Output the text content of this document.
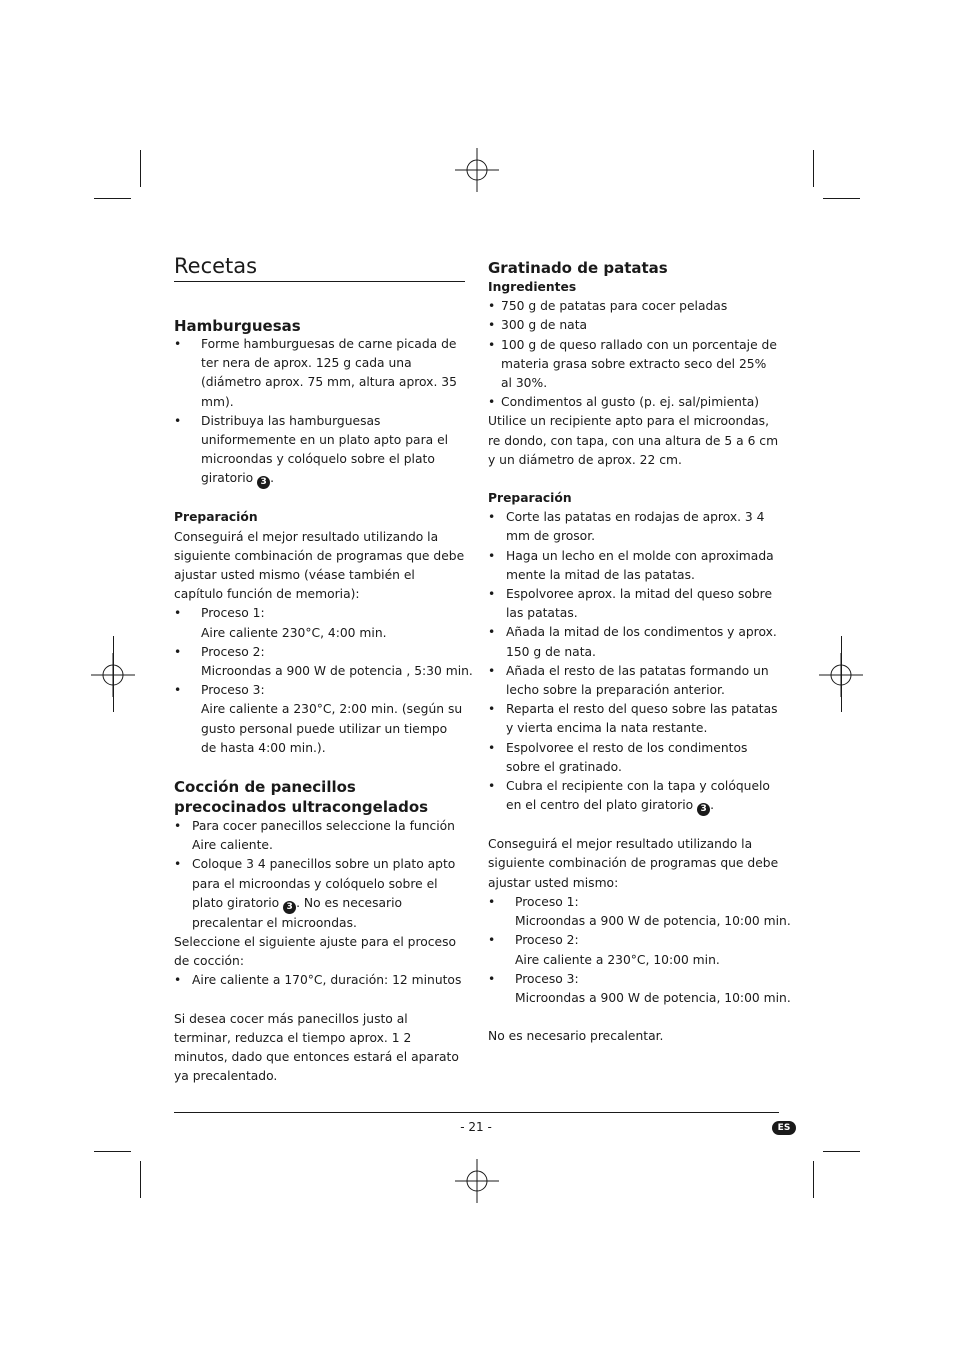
Recetas
Hamburguesas
• Forme hamburguesas de carne picada de ter nera de aprox. 125 g cada una (diámetro aprox. 75 mm, altura aprox. 35 mm).
• Distribuya las hamburguesas uniformemente en un plato apto para el microondas y colóquelo sobre el plato giratorio 3 .
Preparación

Conseguirá el mejor resultado utilizando la siguiente combinación de programas que debe ajustar usted mismo (véase también el capítulo función de memoria):

• Proceso 1:
Aire caliente 230°C, 4:00 min.
• Proceso 2:
Microondas a 900 W de potencia , 5:30 min.
• Proceso 3:
Aire caliente a 230°C, 2:00 min. (según su gusto personal puede utilizar un tiempo de hasta 4:00 min.).
Cocción de panecillos precocinados ultracongelados
• Para cocer panecillos seleccione la función Aire caliente.
• Coloque 3 4 panecillos sobre un plato apto para el microondas y colóquelo sobre el plato giratorio 3 . No es necesario precalentar el microondas.

Seleccione el siguiente ajuste para el proceso de cocción:

• Aire caliente a 170°C, duración: 12 minutos

Si desea cocer más panecillos justo al terminar, reduzca el tiempo aprox. 1 2 minutos, dado que entonces estará el aparato ya precalentado.

Gratinado de patatas
Ingredientes
• 750 g de patatas para cocer peladas
• 300 g de nata
• 100 g de queso rallado con un porcentaje de materia grasa sobre extracto seco del 25% al 30%.
• Condimentos al gusto (p. ej. sal/pimienta)

Utilice un recipiente apto para el microondas, re dondo, con tapa, con una altura de 5 a 6 cm y un diámetro de aprox. 22 cm.

Preparación
• Corte las patatas en rodajas de aprox. 3 4 mm de grosor.
• Haga un lecho en el molde con aproximada mente la mitad de las patatas.
• Espolvoree aprox. la mitad del queso sobre las patatas.
• Añada la mitad de los condimentos y aprox. 150 g de nata.
• Añada el resto de las patatas formando un lecho sobre la preparación anterior.
• Reparta el resto del queso sobre las patatas y vierta encima la nata restante.
• Espolvoree el resto de los condimentos sobre el gratinado.
• Cubra el recipiente con la tapa y colóquelo en el centro del plato giratorio 3 .

Conseguirá el mejor resultado utilizando la siguiente combinación de programas que debe ajustar usted mismo:

• Proceso 1:
Microondas a 900 W de potencia, 10:00 min.
• Proceso 2:
Aire caliente a 230°C, 10:00 min.
• Proceso 3:
Microondas a 900 W de potencia, 10:00 min.

No es necesario precalentar.

- 21 -	ES
